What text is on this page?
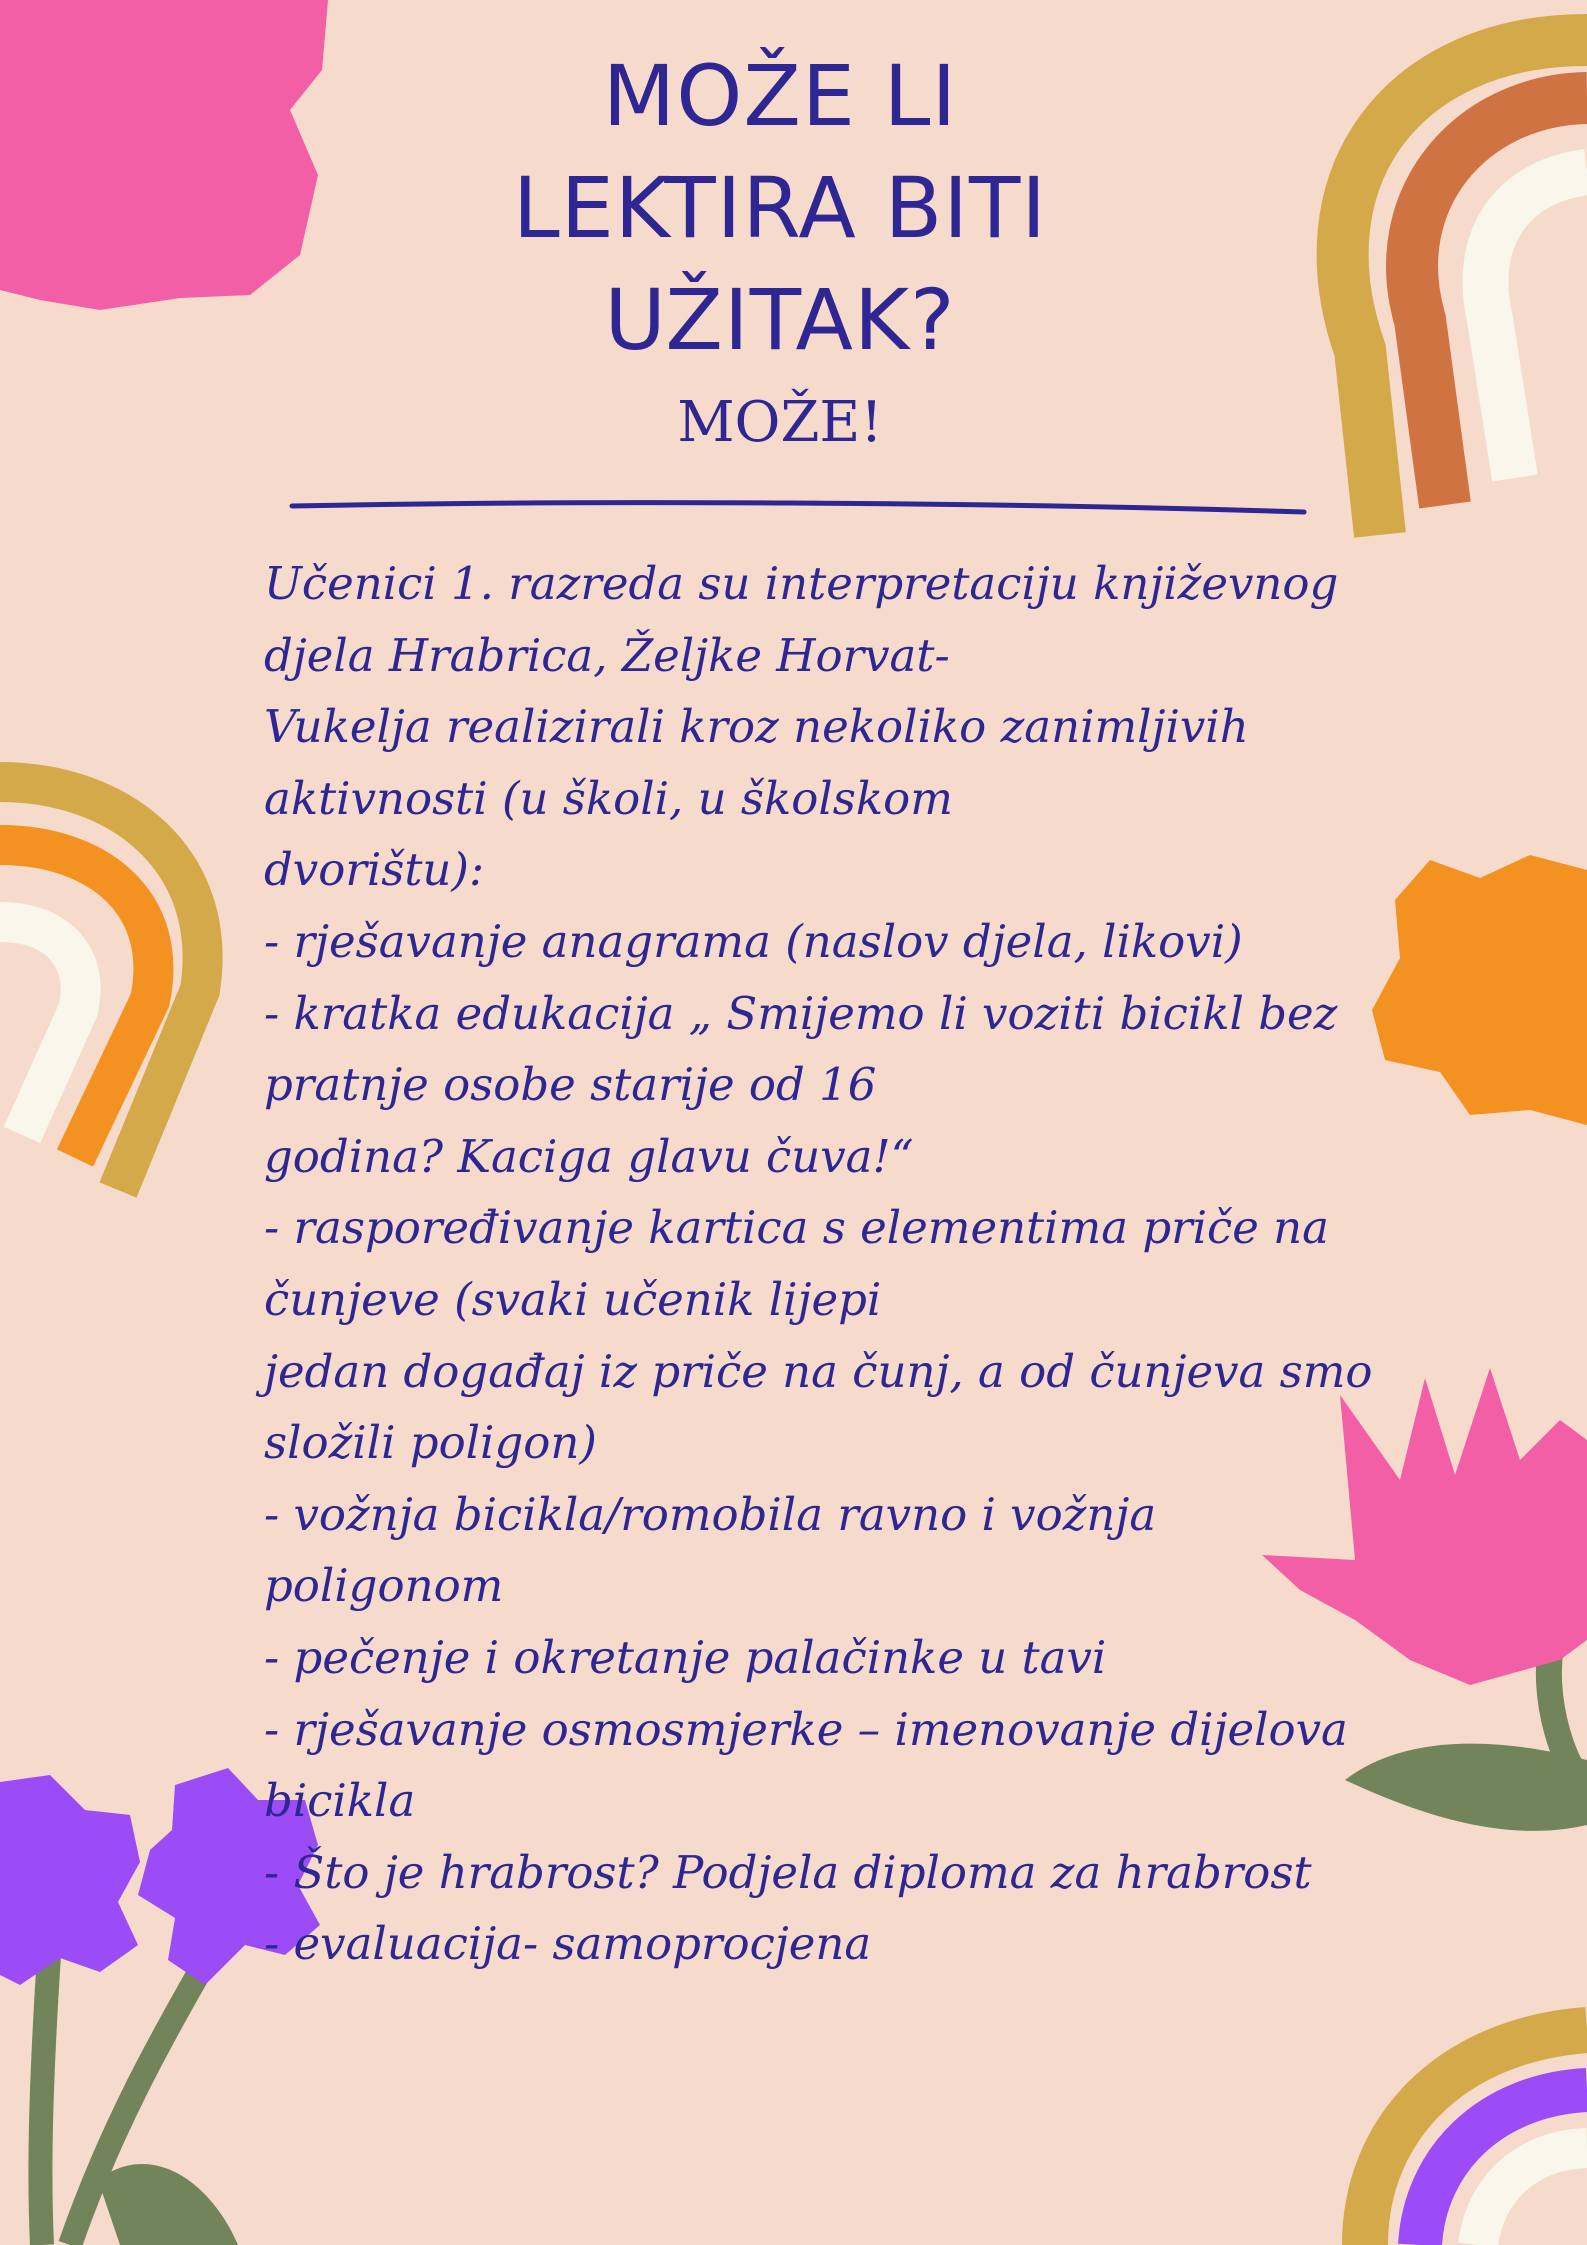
MOŽE LI
LEKTIRA BITI
UŽITAK?
MOŽE!
Učenici 1. razreda su interpretaciju književnog
djela Hrabrica, Željke Horvat-
Vukelja realizirali kroz nekoliko zanimljivih
aktivnosti (u školi, u školskom
dvorištu):
- rješavanje anagrama (naslov djela, likovi)
- kratka edukacija „ Smijemo li voziti bicikl bez
pratnje osobe starije od 16
godina? Kaciga glavu čuva!“
- raspoređivanje kartica s elementima priče na
čunjeve (svaki učenik lijepi
jedan događaj iz priče na čunj, a od čunjeva smo
složili poligon)
- vožnja bicikla/romobila ravno i vožnja
poligonom
- pečenje i okretanje palačinke u tavi
- rješavanje osmosmjerke – imenovanje dijelova
bicikla
- Što je hrabrost? Podjela diploma za hrabrost
- evaluacija- samoprocjena
